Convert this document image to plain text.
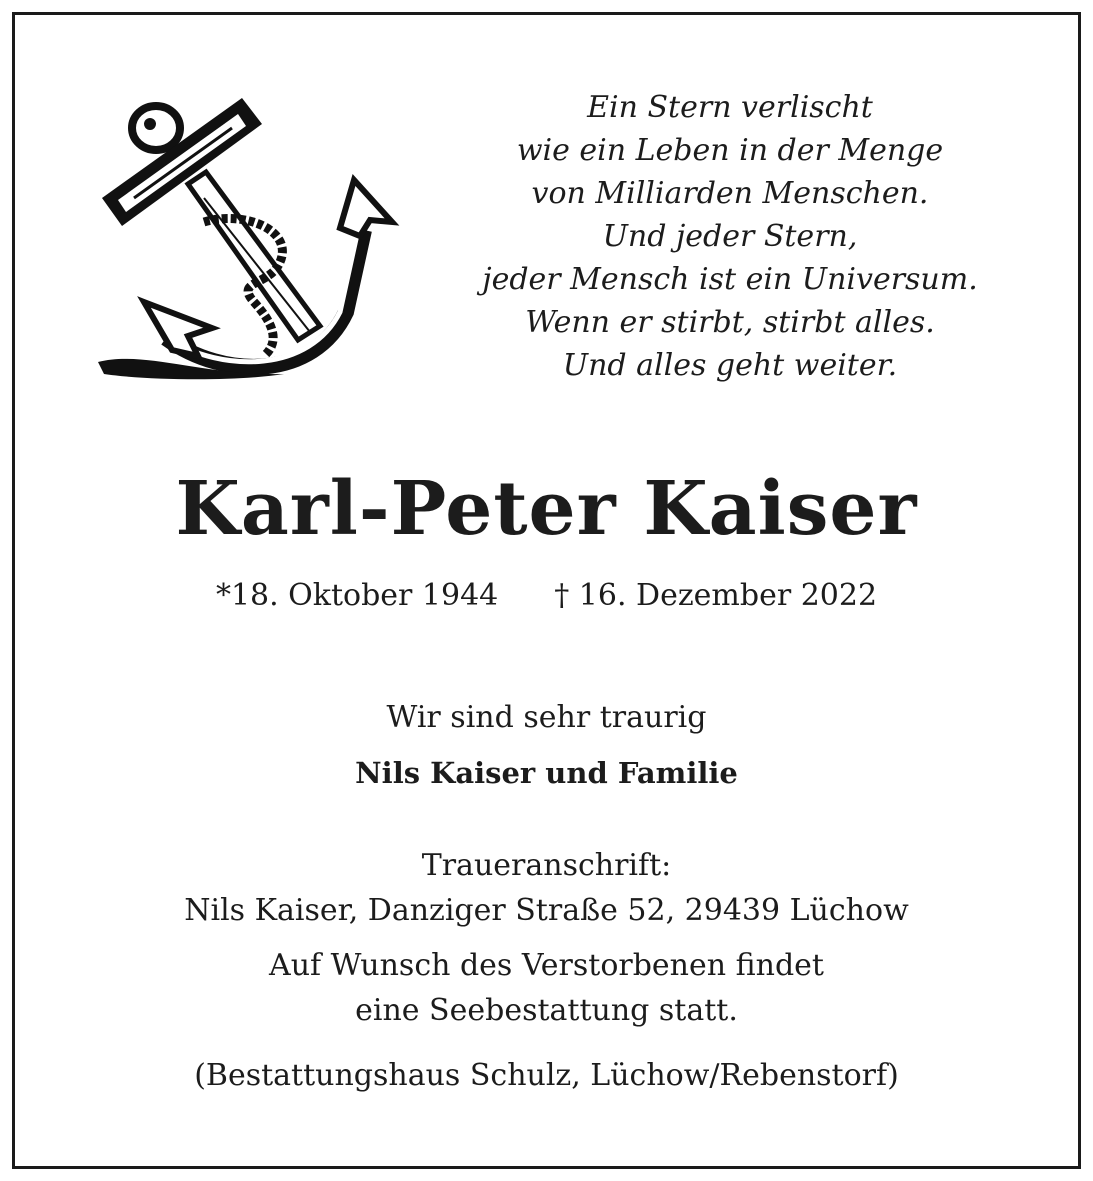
Ein Stern verlischt
wie ein Leben in der Menge
von Milliarden Menschen.
Und jeder Stern,
jeder Mensch ist ein Universum.
Wenn er stirbt, stirbt alles.
Und alles geht weiter.
Karl-Peter Kaiser
*18. Oktober 1944 † 16. Dezember 2022
Wir sind sehr traurig
Nils Kaiser und Familie
Traueranschrift:
Nils Kaiser, Danziger Straße 52, 29439 Lüchow
Auf Wunsch des Verstorbenen findet
eine Seebestattung statt.
(Bestattungshaus Schulz, Lüchow/Rebenstorf)
